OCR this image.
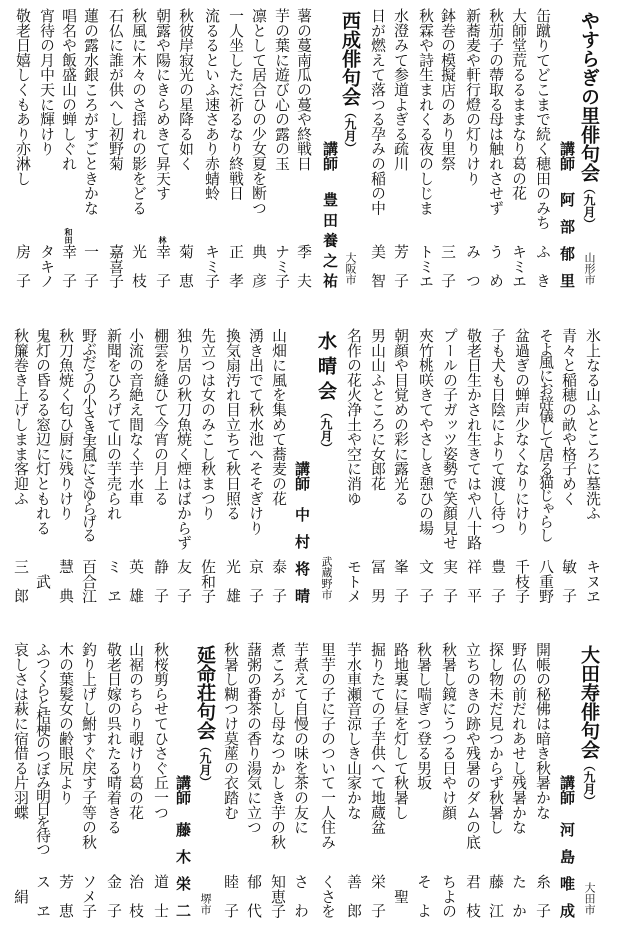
やすらぎの里俳句会（九月）
山形市
講師
阿部郁里
缶蹴りてどこまで続く穂田のみち
ふき
大師堂荒るるままなり葛の花
キミエ
秋茄子の蔕取る母は触れさせず
うめ
新蕎麦や軒行燈の灯りけり
みつ
鉢巻の模擬店のあり里祭
三子
秋霖や詩生まれくる夜のしじま
トミエ
水澄みて参道よぎる疏川
芳子
日が燃えて落つる孕みの稲の中
美智
西成俳句会（九月）
大阪市
講師
豊田養之祐
薯の蔓南瓜の蔓や終戦日
季夫
芋の葉に遊び心の露の玉
ナミ子
凛として居合ひの少女夏を断つ
典彦
一人坐しただ祈るなり終戦日
正孝
流るるといふ速さあり赤蜻蛉
キミ子
秋彼岸寂光の星降る如く
菊恵
朝露や陽にきらめきて昇天す
林
幸子
秋風に木々のさ揺れの影をどる
光枝
石仏に誰が供へし初野菊
嘉喜子
蓮の露水銀ころがすごときかな
一子
唱名や飯盛山の蝉しぐれ
和田
幸子
宵待の月中天に輝けり
タキノ
敬老日嬉しくもあり亦淋し
房子
氷上なる山ふところに墓洗ふ
キヌヱ
青々と稲穂の畝や格子めく
敏子
そよ風にお辞儀して居る猫じゃらし
八重野
盆過ぎの蝉声少なくなりにけり
千枝子
子も犬も日陰によりて渡し待つ
豊子
敬老日生かされ生きてはや八十路
祥平
プールの子ガッツ姿勢で笑顔見せ
実子
夾竹桃咲きてやさしき憩ひの場
文子
朝顔や目覚めの彩に露光る
峯子
男山山ふところに女郎花
冨男
名作の花火浄土や空に消ゆ
モトメ
水晴会（九月）
武蔵野市
講師
中村将晴
山畑に風を集めて蕎麦の花
泰子
湧き出でて秋水池へそそぎけり
京子
換気扇汚れ目立ちて秋日照る
光雄
先立つは女のみこし秋まつり
佐和子
独り居の秋刀魚焼く煙はばからず
友子
棚雲を縫ひて今宵の月上る
静子
小流の音絶え間なく芋水車
英雄
新聞をひろげて山の芋売られ
ミヱ
野ぶだうの小さき実風にさゆらげる
百合江
秋刀魚焼く匂ひ厨に残りけり
慧典
鬼灯の昏るる窓辺に灯ともれる
武
秋簾巻き上げしまま客迎ふ
三郎
大田寿俳句会（九月）
大田市
講師
河島唯成
開帳の秘佛は暗き秋暑かな
糸子
野仏の前だれあせし残暑かな
たか
探し物未だ見つからず秋暑し
藤江
立ちのきの跡や残暑のダムの底
君枝
秋暑し鏡にうつる日やけ顔
ちよの
秋暑し喘ぎつ登る男坂
そよ
路地裏に昼を灯して秋暑し
聖
掘りたての子芋供へて地蔵盆
栄子
芋水車瀬音涼しき山家かな
善郎
里芋の子に子のついて一人住み
くさを
芋煮えて自慢の味を茶の友に
さわ
煮ころがし母なつかしき芋の秋
知恵子
藷粥の番茶の香り湯気に立つ
郁代
秋暑し糊つけ莫蓙の衣踏む
睦子
延命荘句会（九月）
堺市
講師
藤木栄二
秋桜剪らせてひさぐ丘一つ
道士
山裾のちらり覗けり葛の花
治枝
敬老日嫁の呉れたる晴着きる
金子
釣り上げし鮒すぐ戻す子等の秋
ソメ子
木の葉髪女の齢眼尻より
芳恵
ふつくらと桔梗のつぼみ明日を待つ
スヱ
哀しさは萩に宿借る片羽蝶
絹
